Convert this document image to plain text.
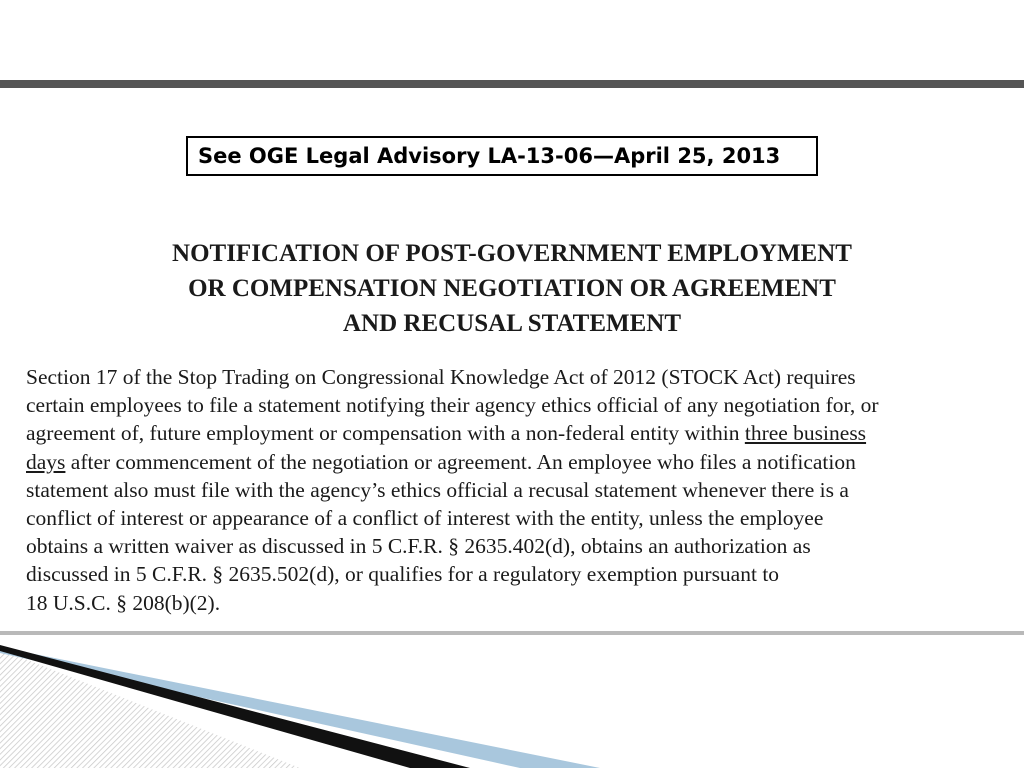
See OGE Legal Advisory LA-13-06—April 25, 2013
NOTIFICATION OF POST-GOVERNMENT EMPLOYMENT
OR COMPENSATION NEGOTIATION OR AGREEMENT
AND RECUSAL STATEMENT
Section 17 of the Stop Trading on Congressional Knowledge Act of 2012 (STOCK Act) requires
certain employees to file a statement notifying their agency ethics official of any negotiation for, or
agreement of, future employment or compensation with a non-federal entity within three business
days after commencement of the negotiation or agreement. An employee who files a notification
statement also must file with the agency’s ethics official a recusal statement whenever there is a
conflict of interest or appearance of a conflict of interest with the entity, unless the employee
obtains a written waiver as discussed in 5 C.F.R. § 2635.402(d), obtains an authorization as
discussed in 5 C.F.R. § 2635.502(d), or qualifies for a regulatory exemption pursuant to
18 U.S.C. § 208(b)(2).
